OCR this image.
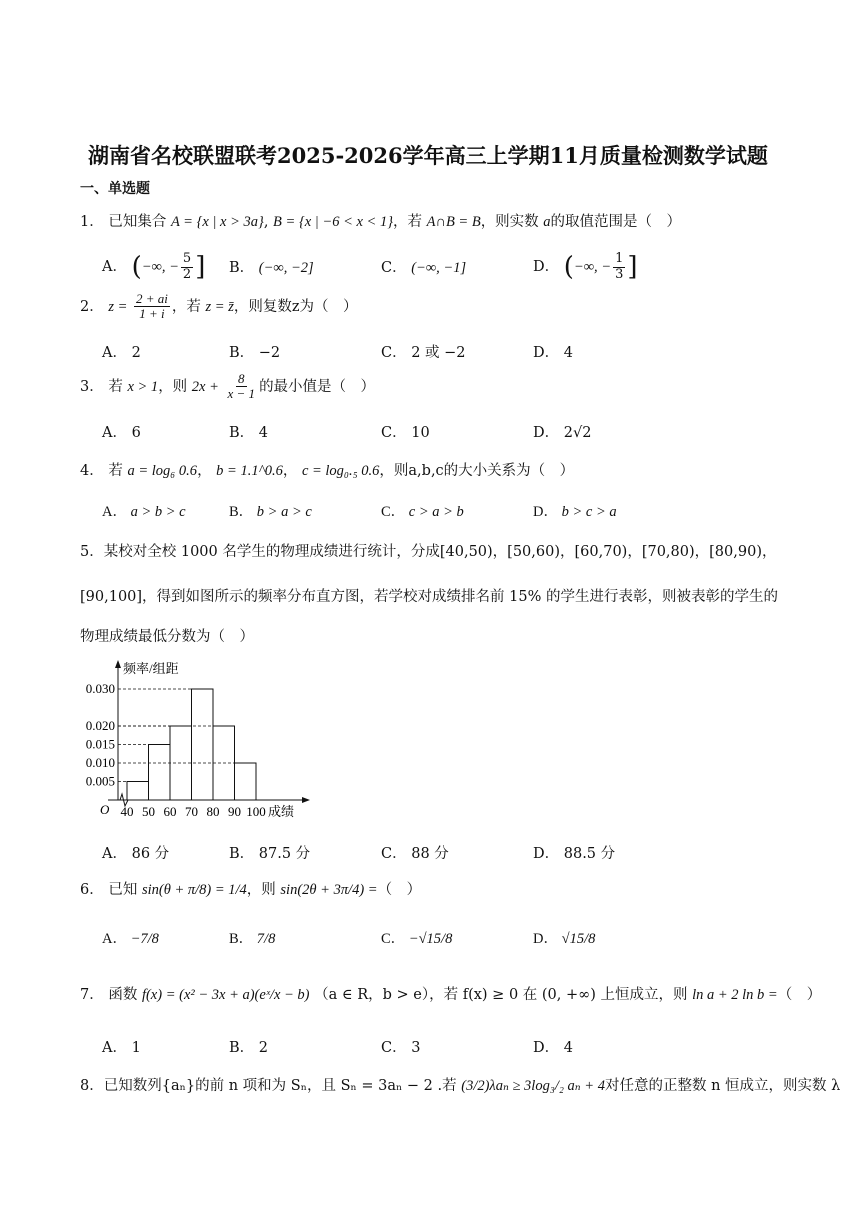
湖南省名校联盟联考2025-2026学年高三上学期11月质量检测数学试题
一、单选题
1． 已知集合 A = {x | x > 3a}, B = {x | −6 < x < 1}，若 A∩B = B，则实数 a的取值范围是（　）
A． (−∞, − $\frac{5}{2}$ ] B． (−∞, −2]	C． (−∞, −1]	D． (−∞, − $\frac{1}{3}$ ]
2． $z = \frac{2 + ai}{1 + i}$ ，若 z = z̄，则复数z为（　）
A． 2	B． −2	C． 2 或 −2	D． 4
3． 若 x > 1，则 $2x + \frac{8}{x - 1}$ 的最小值是（　）
A． 6	B． 4	C． 10	D． 2√2
4． 若 a = log₆ 0.6， b = 1.1^0.6， c = log₀.₅ 0.6，则a,b,c的大小关系为（　）
A． a > b > c	B． b > a > c	C． c > a > b	D． b > c > a
5．某校对全校 1000 名学生的物理成绩进行统计，分成[40,50)，[50,60)，[60,70)，[70,80)，[80,90)，
[90,100]，得到如图所示的频率分布直方图，若学校对成绩排名前 15% 的学生进行表彰，则被表彰的学生的
物理成绩最低分数为（　）
0.005
0.010
0.015
0.020
0.030
40 50 60 70 80 90 100 成绩
频率/组距
O
A． 86 分	B． 87.5 分	C． 88 分	D． 88.5 分
6． 已知 sin(θ + π/8) = 1/4，则 sin(2θ + 3π/4) =（　）
A． −7/8	B． 7/8	C． −√15/8	D． √15/8
7． 函数 f(x) = (x² − 3x + a)(eˣ/x − b) （a ∈ R，b > e），若 f(x) ≥ 0 在 (0, +∞) 上恒成立，则 ln a + 2 ln b =（　）
A． 1	B． 2	C． 3	D． 4
8．已知数列{aₙ}的前 n 项和为 Sₙ，且 Sₙ = 3aₙ − 2 .若 (3/2)λaₙ ≥ 3log₃/₂ aₙ + 4对任意的正整数 n 恒成立，则实数 λ
